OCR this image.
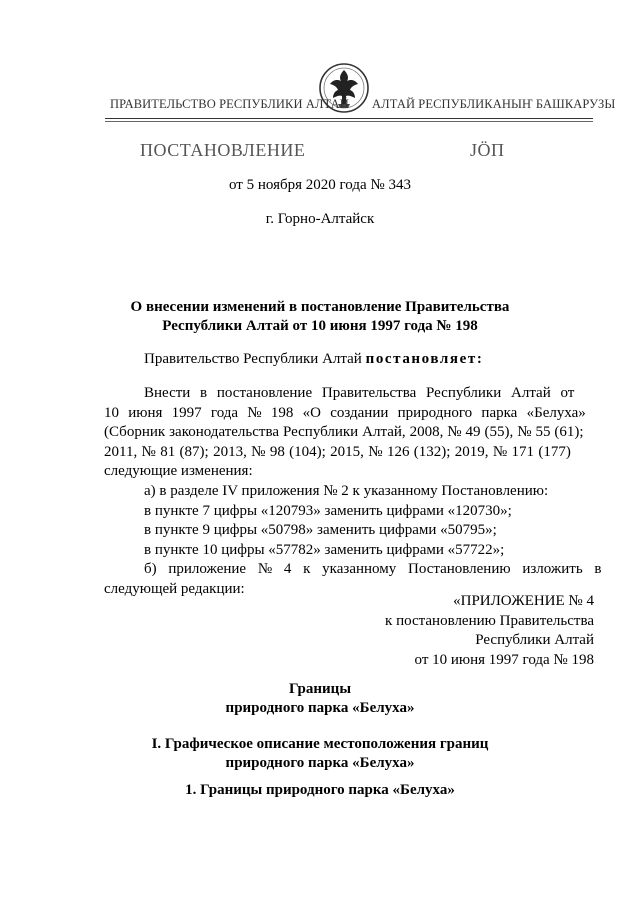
ПРАВИТЕЛЬСТВО РЕСПУБЛИКИ АЛТАЙ АЛТАЙ РЕСПУБЛИКАНЫҤ БАШКАРУЗЫ
ПОСТАНОВЛЕНИЕ	ЈӦП
от 5 ноября 2020 года № 343
г. Горно-Алтайск
О внесении изменений в постановление Правительства
Республики Алтай от 10 июня 1997 года № 198
Правительство Республики Алтай постановляет:
Внести в постановление Правительства Республики Алтай от
10 июня 1997 года № 198 «О создании природного парка «Белуха»
(Сборник законодательства Республики Алтай, 2008, № 49 (55), № 55 (61);
2011, № 81 (87); 2013, № 98 (104); 2015, № 126 (132); 2019, № 171 (177)
следующие изменения:
а) в разделе IV приложения № 2 к указанному Постановлению:
в пункте 7 цифры «120793» заменить цифрами «120730»;
в пункте 9 цифры «50798» заменить цифрами «50795»;
в пункте 10 цифры «57782» заменить цифрами «57722»;
б) приложение № 4 к указанному Постановлению изложить в
следующей редакции:
«ПРИЛОЖЕНИЕ № 4
к постановлению Правительства
Республики Алтай
от 10 июня 1997 года № 198
Границы
природного парка «Белуха»
I. Графическое описание местоположения границ
природного парка «Белуха»
1. Границы природного парка «Белуха»
